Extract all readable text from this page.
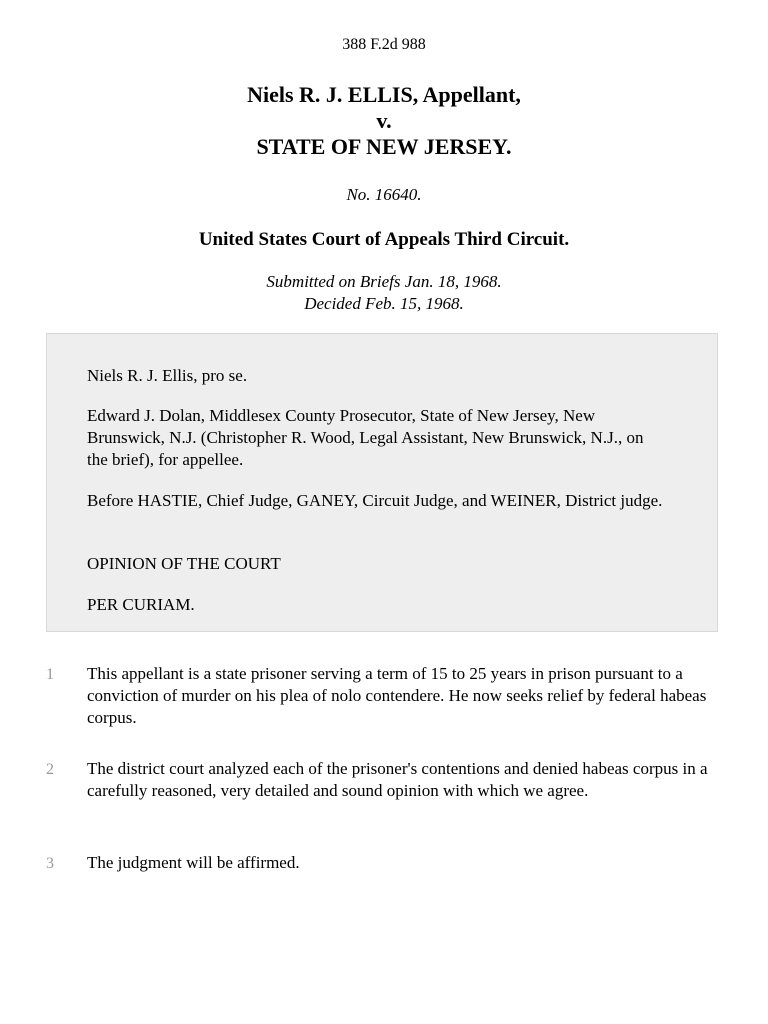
388 F.2d 988
Niels R. J. ELLIS, Appellant,
v.
STATE OF NEW JERSEY.
No. 16640.
United States Court of Appeals Third Circuit.
Submitted on Briefs Jan. 18, 1968.
Decided Feb. 15, 1968.

Niels R. J. Ellis, pro se.

Edward J. Dolan, Middlesex County Prosecutor, State of New Jersey, New Brunswick, N.J. (Christopher R. Wood, Legal Assistant, New Brunswick, N.J., on the brief), for appellee.

Before HASTIE, Chief Judge, GANEY, Circuit Judge, and WEINER, District judge.

OPINION OF THE COURT

PER CURIAM.

1 This appellant is a state prisoner serving a term of 15 to 25 years in prison pursuant to a conviction of murder on his plea of nolo contendere. He now seeks relief by federal habeas corpus.

2 The district court analyzed each of the prisoner's contentions and denied habeas corpus in a carefully reasoned, very detailed and sound opinion with which we agree.

3 The judgment will be affirmed.
